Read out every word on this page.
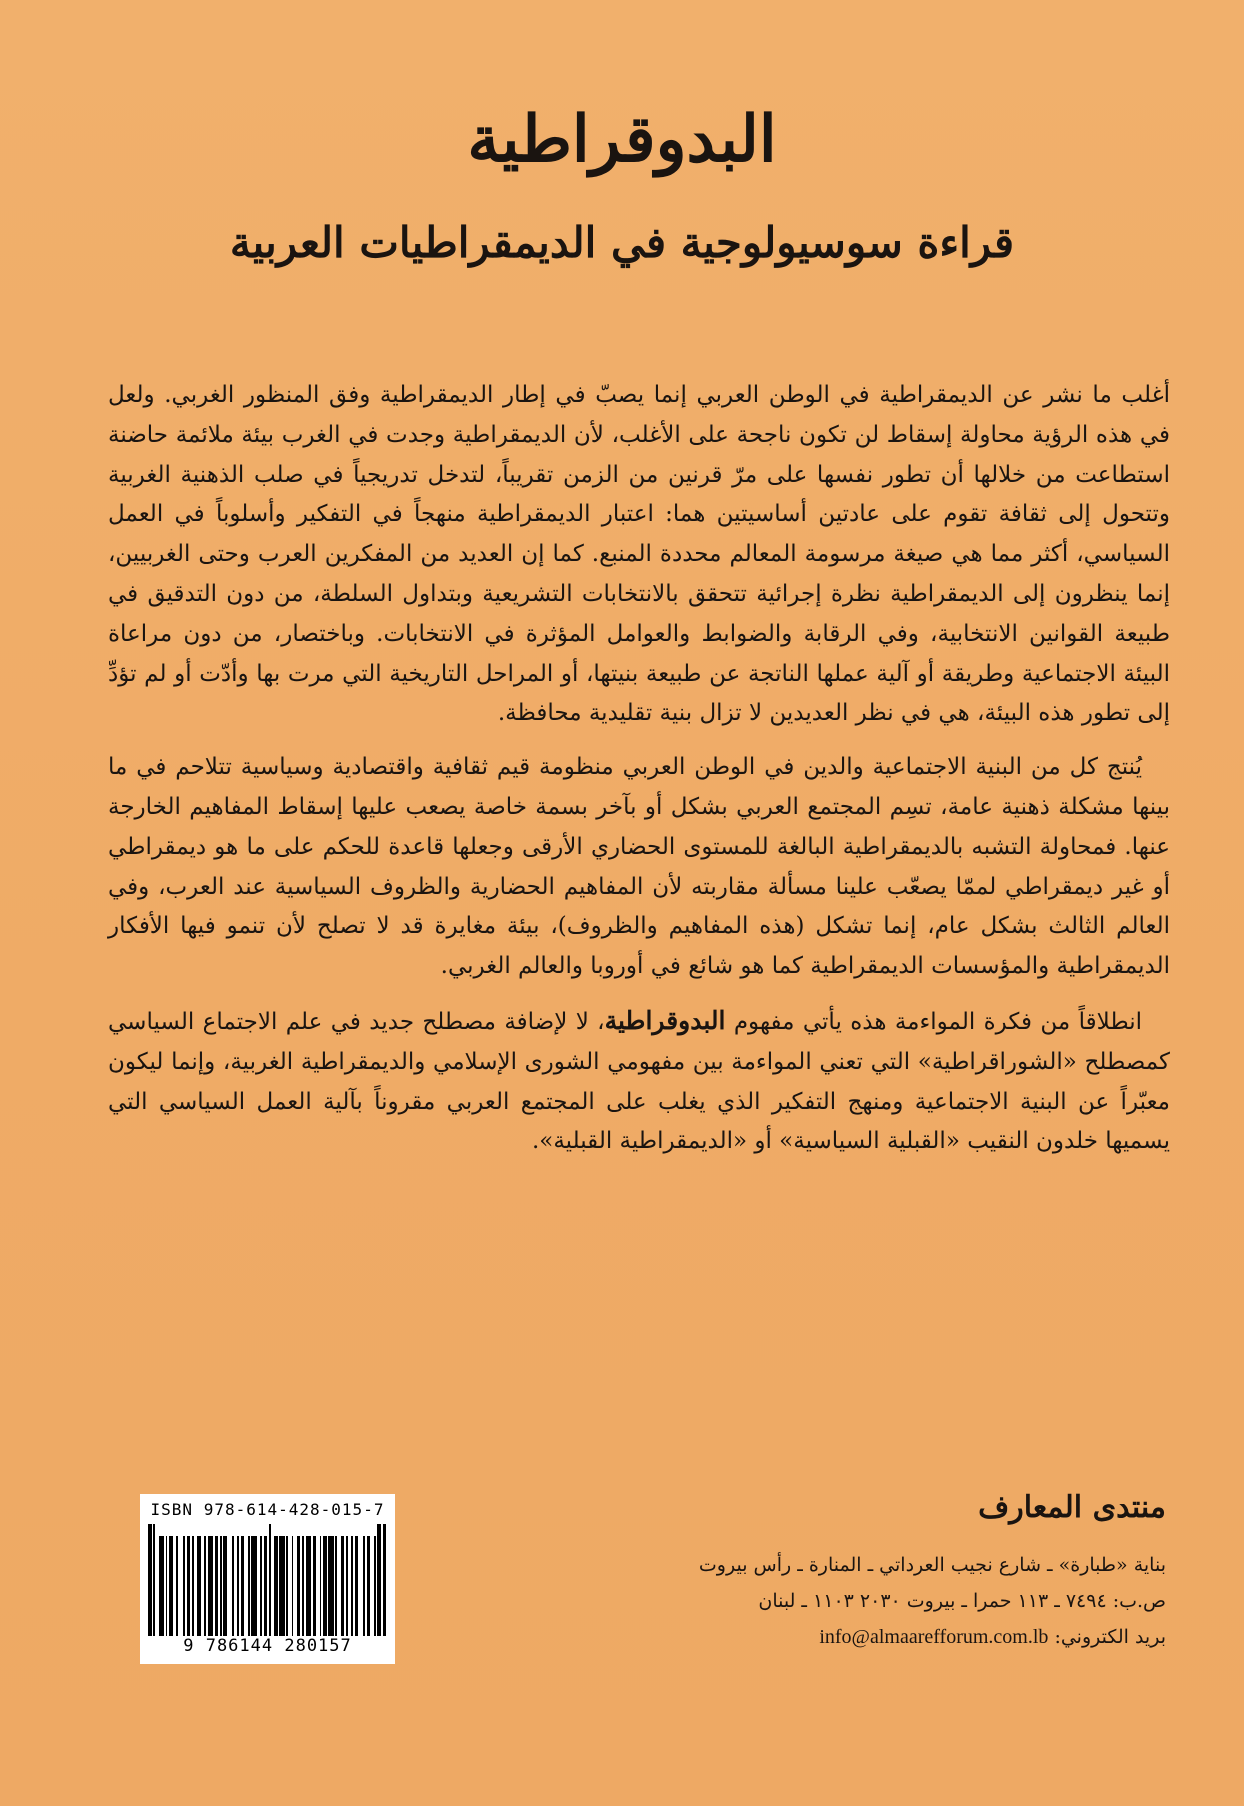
البدوقراطية
قراءة سوسيولوجية في الديمقراطيات العربية

أغلب ما نشر عن الديمقراطية في الوطن العربي إنما يصبّ في إطار الديمقراطية وفق المنظور الغربي. ولعل في هذه الرؤية محاولة إسقاط لن تكون ناجحة على الأغلب، لأن الديمقراطية وجدت في الغرب بيئة ملائمة حاضنة استطاعت من خلالها أن تطور نفسها على مرّ قرنين من الزمن تقريباً، لتدخل تدريجياً في صلب الذهنية الغربية وتتحول إلى ثقافة تقوم على عادتين أساسيتين هما: اعتبار الديمقراطية منهجاً في التفكير وأسلوباً في العمل السياسي، أكثر مما هي صيغة مرسومة المعالم محددة المنبع. كما إن العديد من المفكرين العرب وحتى الغربيين، إنما ينظرون إلى الديمقراطية نظرة إجرائية تتحقق بالانتخابات التشريعية وبتداول السلطة، من دون التدقيق في طبيعة القوانين الانتخابية، وفي الرقابة والضوابط والعوامل المؤثرة في الانتخابات. وباختصار، من دون مراعاة البيئة الاجتماعية وطريقة أو آلية عملها الناتجة عن طبيعة بنيتها، أو المراحل التاريخية التي مرت بها وأدّت أو لم تؤدِّ إلى تطور هذه البيئة، هي في نظر العديدين لا تزال بنية تقليدية محافظة.

يُنتج كل من البنية الاجتماعية والدين في الوطن العربي منظومة قيم ثقافية واقتصادية وسياسية تتلاحم في ما بينها مشكلة ذهنية عامة، تسِم المجتمع العربي بشكل أو بآخر بسمة خاصة يصعب عليها إسقاط المفاهيم الخارجة عنها. فمحاولة التشبه بالديمقراطية البالغة للمستوى الحضاري الأرقى وجعلها قاعدة للحكم على ما هو ديمقراطي أو غير ديمقراطي لممّا يصعّب علينا مسألة مقاربته لأن المفاهيم الحضارية والظروف السياسية عند العرب، وفي العالم الثالث بشكل عام، إنما تشكل (هذه المفاهيم والظروف)، بيئة مغايرة قد لا تصلح لأن تنمو فيها الأفكار الديمقراطية والمؤسسات الديمقراطية كما هو شائع في أوروبا والعالم الغربي.

انطلاقاً من فكرة المواءمة هذه يأتي مفهوم البدوقراطية، لا لإضافة مصطلح جديد في علم الاجتماع السياسي كمصطلح «الشوراقراطية» التي تعني المواءمة بين مفهومي الشورى الإسلامي والديمقراطية الغربية، وإنما ليكون معبّراً عن البنية الاجتماعية ومنهج التفكير الذي يغلب على المجتمع العربي مقروناً بآلية العمل السياسي التي يسميها خلدون النقيب «القبلية السياسية» أو «الديمقراطية القبلية».

ISBN 978-614-428-015-7
9 786144 280157
منتدى المعارف
بناية «طبارة» ـ شارع نجيب العرداتي ـ المنارة ـ رأس بيروت
ص.ب: ٧٤٩٤ ـ ١١٣ حمرا ـ بيروت ٢٠٣٠ ١١٠٣ ـ لبنان
بريد الكتروني: info@almaarefforum.com.lb
